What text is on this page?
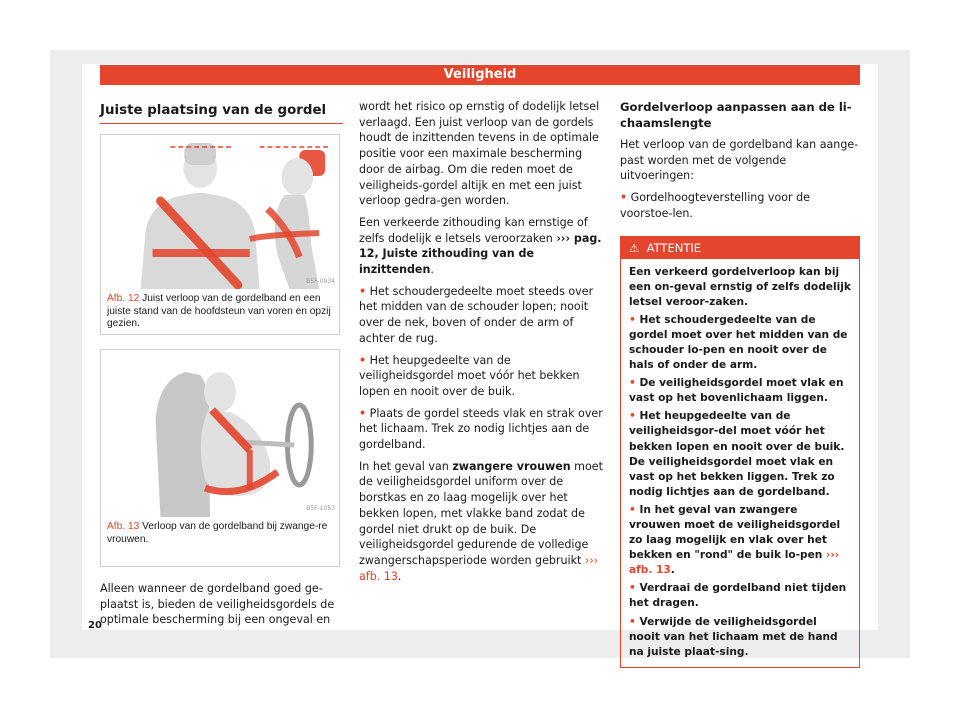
Veiligheid
Juiste plaatsing van de gordel
B5F-0934
Afb. 12 Juist verloop van de gordelband en een juiste stand van de hoofdsteun van voren en opzij gezien.
B5F-1057
Afb. 13 Verloop van de gordelband bij zwange-re vrouwen.
Alleen wanneer de gordelband goed ge-plaatst is, bieden de veiligheidsgordels de optimale bescherming bij een ongeval en

wordt het risico op ernstig of dodelijk letsel verlaagd. Een juist verloop van de gordels houdt de inzittenden tevens in de optimale positie voor een maximale bescherming door de airbag. Om die reden moet de veiligheids-gordel altijk en met een juist verloop gedra-gen worden.

Een verkeerde zithouding kan ernstige of zelfs dodelijk e letsels veroorzaken ››› pag. 12, Juiste zithouding van de inzittenden.

• Het schoudergedeelte moet steeds over het midden van de schouder lopen; nooit over de nek, boven of onder de arm of achter de rug.

• Het heupgedeelte van de veiligheidsgordel moet vóór het bekken lopen en nooit over de buik.

• Plaats de gordel steeds vlak en strak over het lichaam. Trek zo nodig lichtjes aan de gordelband.

In het geval van zwangere vrouwen moet de veiligheidsgordel uniform over de borstkas en zo laag mogelijk over het bekken lopen, met vlakke band zodat de gordel niet drukt op de buik. De veiligheidsgordel gedurende de volledige zwangerschapsperiode worden gebruikt ››› afb. 13.

Gordelverloop aanpassen aan de li-chaamslengte

Het verloop van de gordelband kan aange-past worden met de volgende uitvoeringen:

• Gordelhoogteverstelling voor de voorstoe-len.

⚠ ATTENTIE

Een verkeerd gordelverloop kan bij een on-geval ernstig of zelfs dodelijk letsel veroor-zaken.

• Het schoudergedeelte van de gordel moet over het midden van de schouder lo-pen en nooit over de hals of onder de arm.

• De veiligheidsgordel moet vlak en vast op het bovenlichaam liggen.

• Het heupgedeelte van de veiligheidsgor-del moet vóór het bekken lopen en nooit over de buik. De veiligheidsgordel moet vlak en vast op het bekken liggen. Trek zo nodig lichtjes aan de gordelband.

• In het geval van zwangere vrouwen moet de veiligheidsgordel zo laag mogelijk en vlak over het bekken en "rond" de buik lo-pen ››› afb. 13.

• Verdraai de gordelband niet tijden het dragen.

• Verwijde de veiligheidsgordel nooit van het lichaam met de hand na juiste plaat-sing.

20
